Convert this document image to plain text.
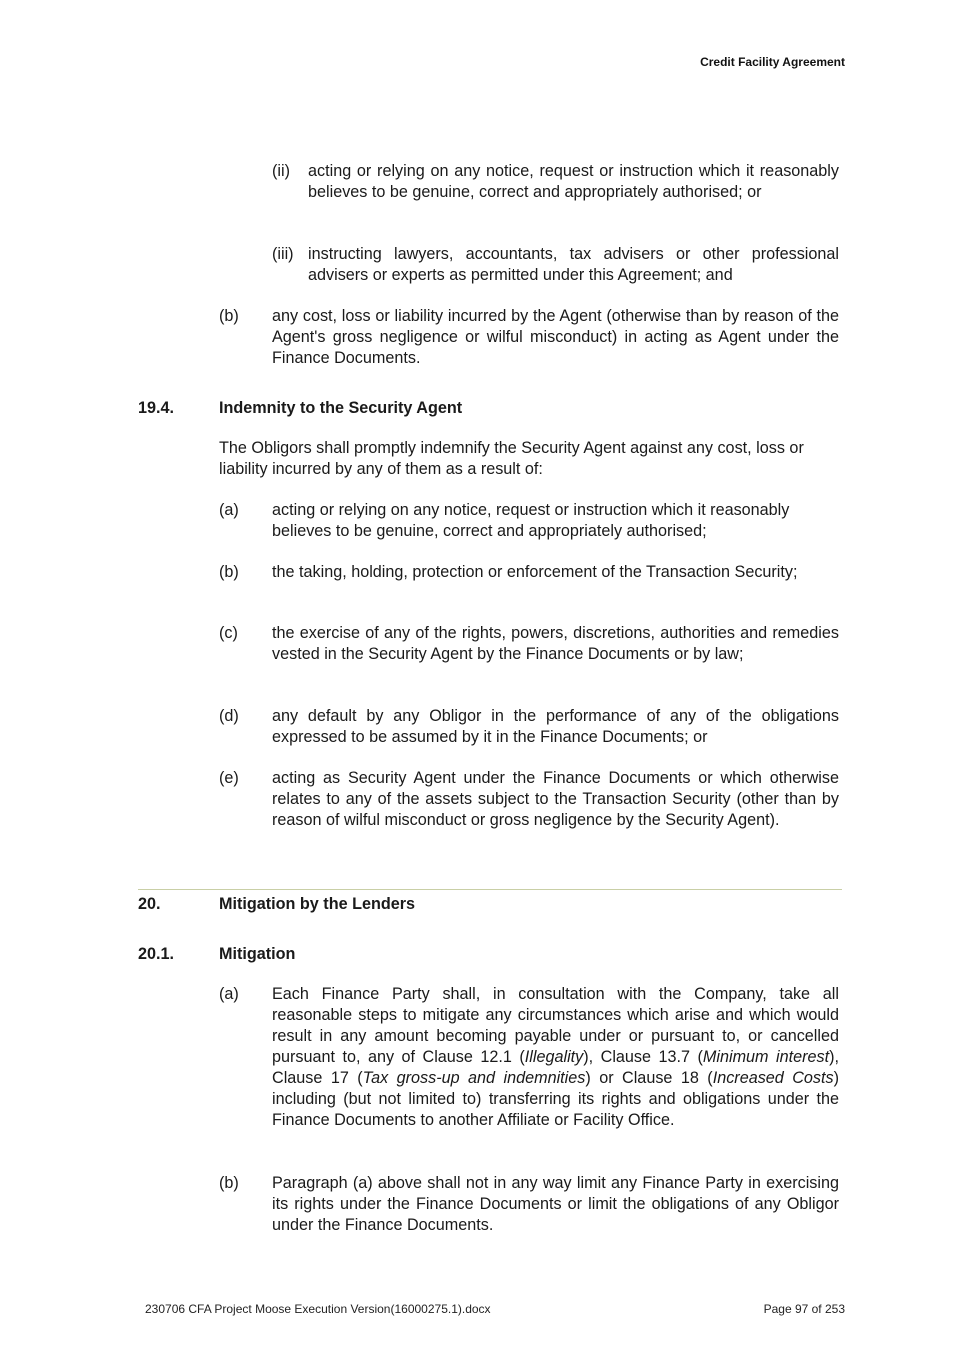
Credit Facility Agreement
(ii) acting or relying on any notice, request or instruction which it reasonably believes to be genuine, correct and appropriately authorised; or
(iii) instructing lawyers, accountants, tax advisers or other professional advisers or experts as permitted under this Agreement; and
(b) any cost, loss or liability incurred by the Agent (otherwise than by reason of the Agent's gross negligence or wilful misconduct) in acting as Agent under the Finance Documents.
19.4.	Indemnity to the Security Agent
The Obligors shall promptly indemnify the Security Agent against any cost, loss or liability incurred by any of them as a result of:
(a) acting or relying on any notice, request or instruction which it reasonably believes to be genuine, correct and appropriately authorised;
(b) the taking, holding, protection or enforcement of the Transaction Security;
(c) the exercise of any of the rights, powers, discretions, authorities and remedies vested in the Security Agent by the Finance Documents or by law;
(d) any default by any Obligor in the performance of any of the obligations expressed to be assumed by it in the Finance Documents; or
(e) acting as Security Agent under the Finance Documents or which otherwise relates to any of the assets subject to the Transaction Security (other than by reason of wilful misconduct or gross negligence by the Security Agent).
20.	Mitigation by the Lenders
20.1.	Mitigation
(a) Each Finance Party shall, in consultation with the Company, take all reasonable steps to mitigate any circumstances which arise and which would result in any amount becoming payable under or pursuant to, or cancelled pursuant to, any of Clause 12.1 (Illegality), Clause 13.7 (Minimum interest), Clause 17 (Tax gross-up and indemnities) or Clause 18 (Increased Costs) including (but not limited to) transferring its rights and obligations under the Finance Documents to another Affiliate or Facility Office.
(b) Paragraph (a) above shall not in any way limit any Finance Party in exercising its rights under the Finance Documents or limit the obligations of any Obligor under the Finance Documents.
230706 CFA Project Moose Execution Version(16000275.1).docx	Page 97 of 253
